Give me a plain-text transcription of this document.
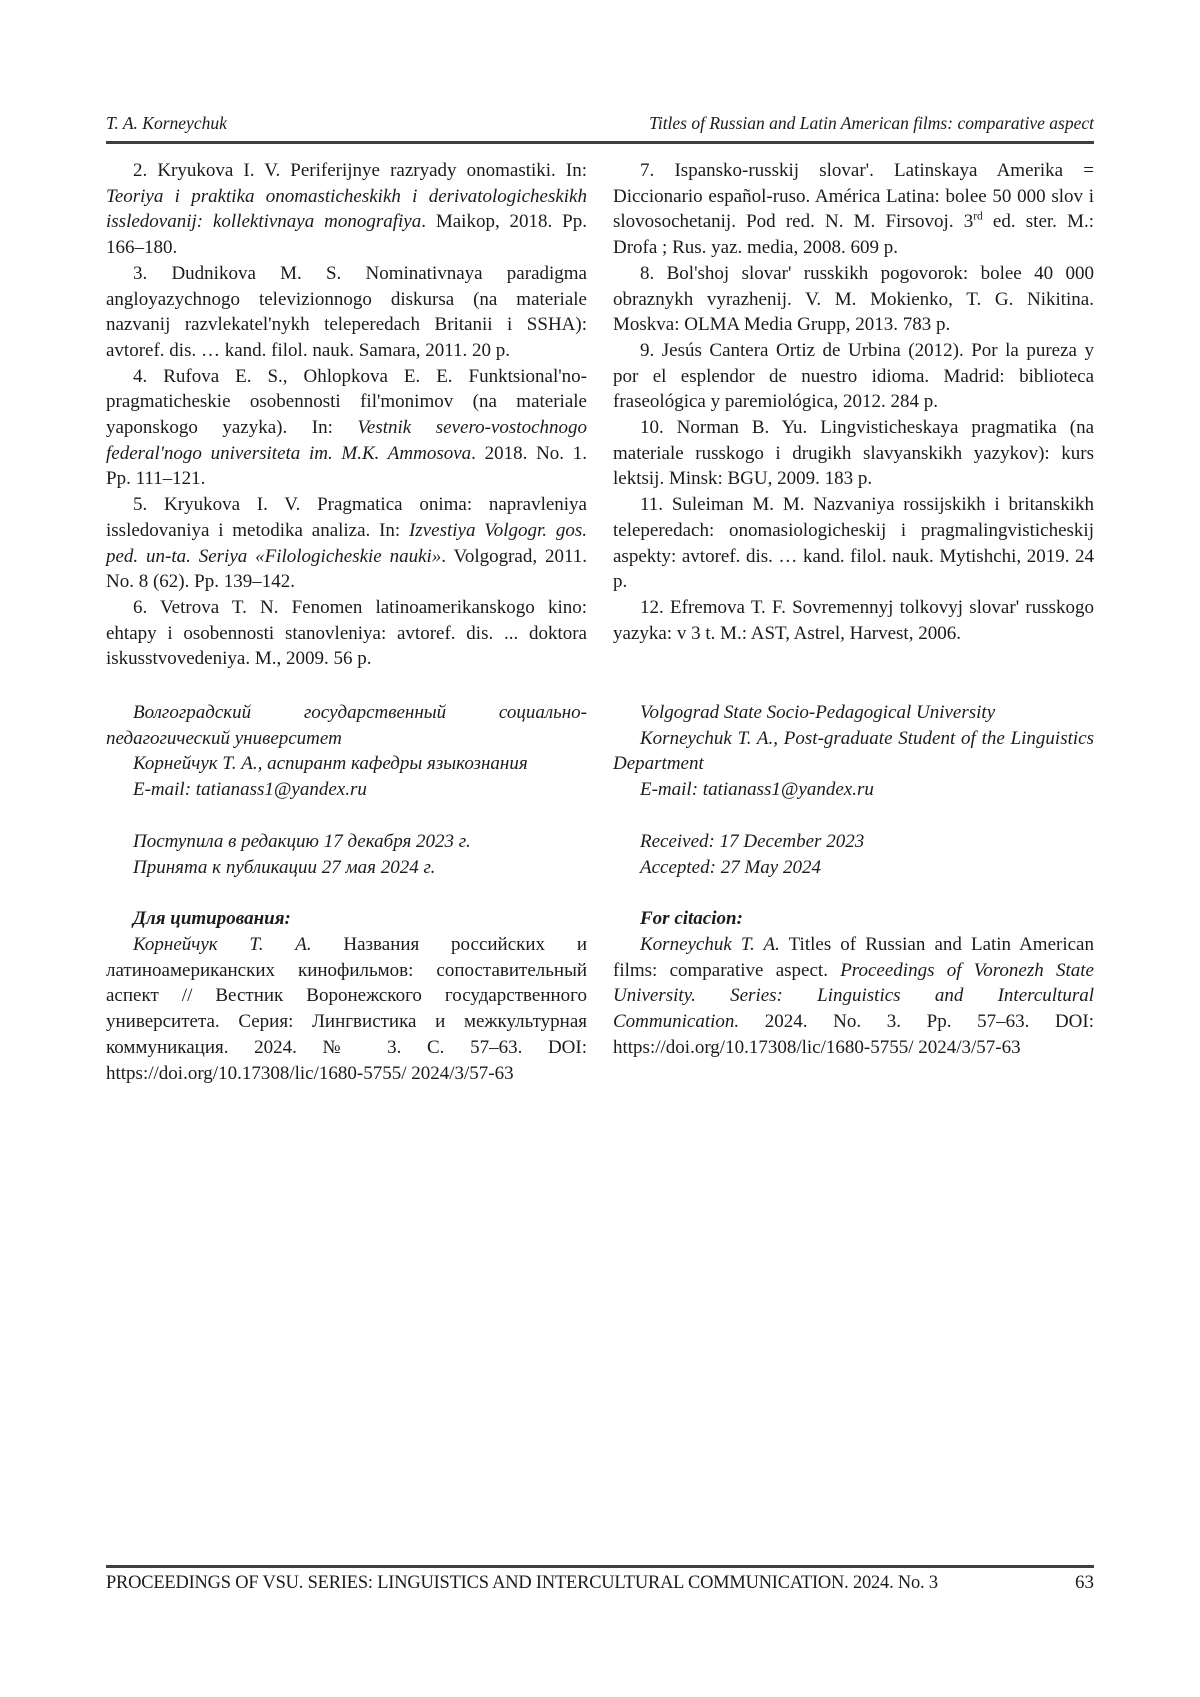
T. A. Korneychuk	Titles of Russian and Latin American films: comparative aspect

2. Kryukova I. V. Periferijnye razryady onomastiki. In: Teoriya i praktika onomasticheskikh i derivatologicheskikh issledovanij: kollektivnaya monografiya. Maikop, 2018. Pp. 166–180.

3. Dudnikova M. S. Nominativnaya paradigma angloyazychnogo televizionnogo diskursa (na materiale nazvanij razvlekatel'nykh teleperedach Britanii i SSHA): avtoref. dis. … kand. filol. nauk. Samara, 2011. 20 p.

4. Rufova E. S., Ohlopkova E. E. Funktsional'no-pragmaticheskie osobennosti fil'monimov (na materiale yaponskogo yazyka). In: Vestnik severo-vostochnogo federal'nogo universiteta im. M.K. Ammosova. 2018. No. 1. Pp. 111–121.

5. Kryukova I. V. Pragmatica onima: napravleniya issledovaniya i metodika analiza. In: Izvestiya Volgogr. gos. ped. un-ta. Seriya «Filologicheskie nauki». Volgograd, 2011. No. 8 (62). Pp. 139–142.

6. Vetrova T. N. Fenomen latinoamerikanskogo kino: ehtapy i osobennosti stanovleniya: avtoref. dis. ... doktora iskusstvovedeniya. M., 2009. 56 p.

7. Ispansko-russkij slovar'. Latinskaya Amerika = Diccionario español-ruso. América Latina: bolee 50 000 slov i slovosochetanij. Pod red. N. M. Firsovoj. 3rd ed. ster. M.: Drofa ; Rus. yaz. media, 2008. 609 p.

8. Bol'shoj slovar' russkikh pogovorok: bolee 40 000 obraznykh vyrazhenij. V. M. Mokienko, T. G. Nikitina. Moskva: OLMA Media Grupp, 2013. 783 p.

9. Jesús Cantera Ortiz de Urbina (2012). Por la pureza y por el esplendor de nuestro idioma. Madrid: biblioteca fraseológica y paremiológica, 2012. 284 p.

10. Norman B. Yu. Lingvisticheskaya pragmatika (na materiale russkogo i drugikh slavyanskikh yazykov): kurs lektsij. Minsk: BGU, 2009. 183 p.

11. Suleiman M. M. Nazvaniya rossijskikh i britanskikh teleperedach: onomasiologicheskij i pragmalingvisticheskij aspekty: avtoref. dis. … kand. filol. nauk. Mytishchi, 2019. 24 p.

12. Efremova T. F. Sovremennyj tolkovyj slovar' russkogo yazyka: v 3 t. M.: AST, Astrel, Harvest, 2006.

Волгоградский государственный социально-педагогический университет

Корнейчук Т. А., аспирант кафедры языкознания

E-mail: tatianass1@yandex.ru

Поступила в редакцию 17 декабря 2023 г.

Принята к публикации 27 мая 2024 г.

Для цитирования:

Корнейчук Т. А. Названия российских и латиноамериканских кинофильмов: сопоставительный аспект // Вестник Воронежского государственного университета. Серия: Лингвистика и межкультурная коммуникация. 2024. № 3. С. 57–63. DOI: https://doi.org/10.17308/lic/1680-5755/ 2024/3/57-63

Volgograd State Socio-Pedagogical University

Korneychuk T. A., Post-graduate Student of the Linguistics Department

E-mail: tatianass1@yandex.ru

Received: 17 December 2023

Accepted: 27 May 2024

For citacion:

Korneychuk T. A. Titles of Russian and Latin American films: comparative aspect. Proceedings of Voronezh State University. Series: Linguistics and Intercultural Communication. 2024. No. 3. Pp. 57–63. DOI: https://doi.org/10.17308/lic/1680-5755/ 2024/3/57-63

PROCEEDINGS OF VSU. SERIES: LINGUISTICS AND INTERCULTURAL COMMUNICATION. 2024. No. 3	63
